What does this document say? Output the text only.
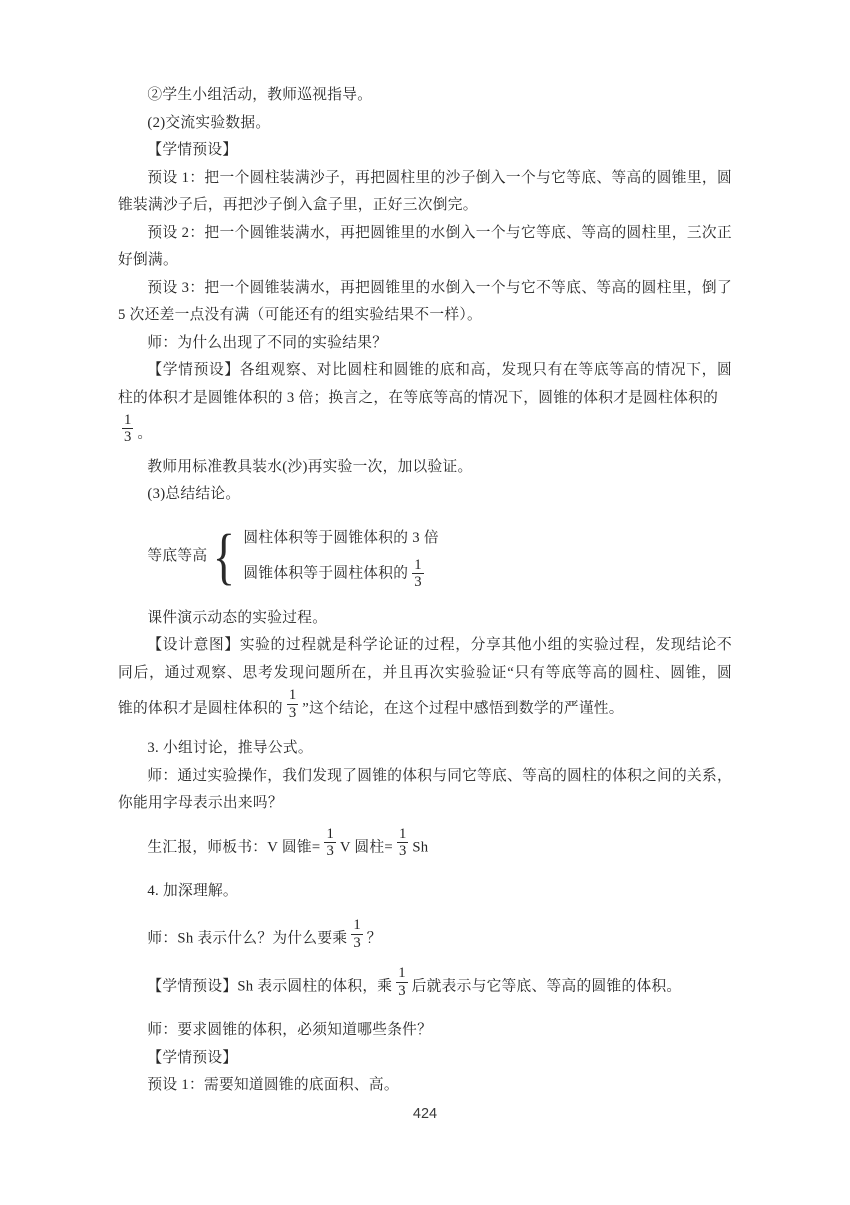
②学生小组活动，教师巡视指导。
(2)交流实验数据。
【学情预设】
预设 1：把一个圆柱装满沙子，再把圆柱里的沙子倒入一个与它等底、等高的圆锥里，圆
锥装满沙子后，再把沙子倒入盒子里，正好三次倒完。
预设 2：把一个圆锥装满水，再把圆锥里的水倒入一个与它等底、等高的圆柱里，三次正
好倒满。
预设 3：把一个圆锥装满水，再把圆锥里的水倒入一个与它不等底、等高的圆柱里，倒了
5 次还差一点没有满（可能还有的组实验结果不一样）。
师：为什么出现了不同的实验结果？
【学情预设】各组观察、对比圆柱和圆锥的底和高，发现只有在等底等高的情况下，圆
柱的体积才是圆锥体积的 3 倍；换言之，在等底等高的情况下，圆锥的体积才是圆柱体积的
$\frac{1}{3}$ 。
教师用标准教具装水(沙)再实验一次，加以验证。
(3)总结结论。
等底等高 { 圆柱体积等于圆锥体积的 3 倍
圆锥体积等于圆柱体积的 $\frac{1}{3}$
课件演示动态的实验过程。
【设计意图】实验的过程就是科学论证的过程，分享其他小组的实验过程，发现结论不
同后，通过观察、思考发现问题所在，并且再次实验验证“只有等底等高的圆柱、圆锥，圆
锥的体积才是圆柱体积的 $\frac{1}{3}$ ”这个结论，在这个过程中感悟到数学的严谨性。
3. 小组讨论，推导公式。
师：通过实验操作，我们发现了圆锥的体积与同它等底、等高的圆柱的体积之间的关系，
你能用字母表示出来吗？
生汇报，师板书：V 圆锥= $\frac{1}{3}$ V 圆柱= $\frac{1}{3}$ Sh
4. 加深理解。
师：Sh 表示什么？为什么要乘 $\frac{1}{3}$ ？
【学情预设】Sh 表示圆柱的体积，乘 $\frac{1}{3}$ 后就表示与它等底、等高的圆锥的体积。
师：要求圆锥的体积，必须知道哪些条件？
【学情预设】
预设 1：需要知道圆锥的底面积、高。
424
